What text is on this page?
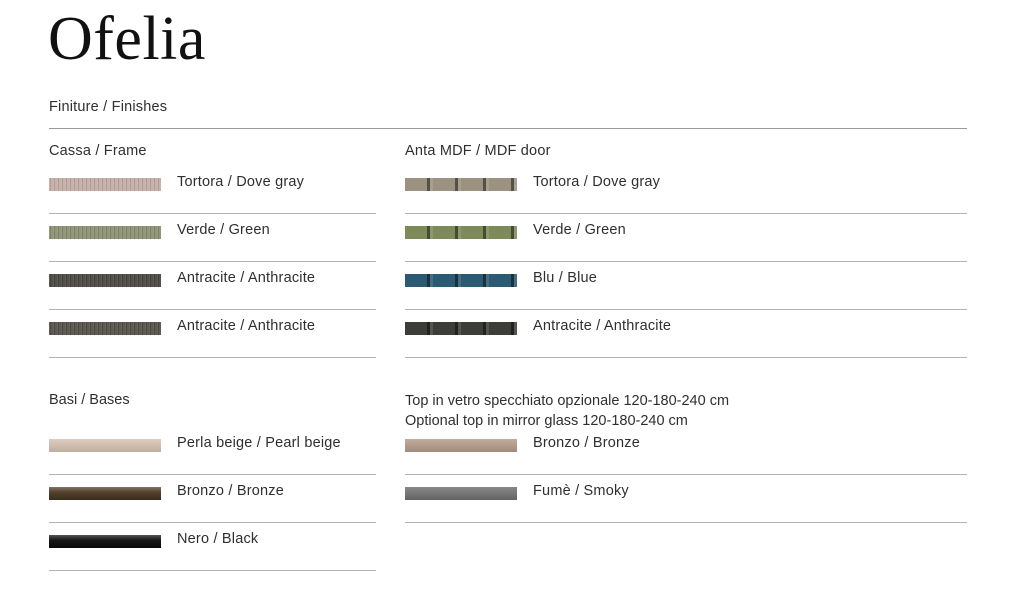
Ofelia
Finiture / Finishes
Cassa / Frame
Tortora / Dove gray
Verde / Green
Antracite / Anthracite
Antracite / Anthracite
Anta MDF / MDF door
Tortora / Dove gray
Verde / Green
Blu / Blue
Antracite / Anthracite
Basi / Bases
Perla beige / Pearl beige
Bronzo / Bronze
Nero / Black
Top in vetro specchiato opzionale 120-180-240 cm
Optional top in mirror glass 120-180-240 cm
Bronzo / Bronze
Fumè / Smoky
